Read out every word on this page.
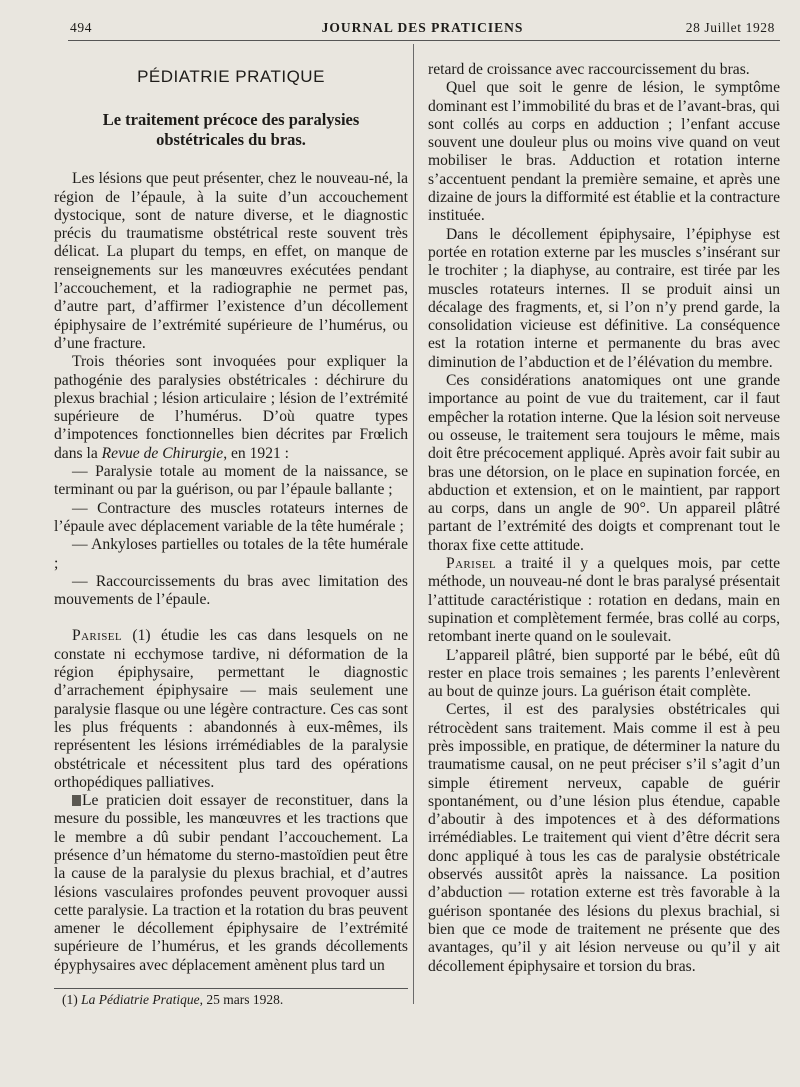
494	JOURNAL DES PRATICIENS	28 Juillet 1928
PÉDIATRIE PRATIQUE
Le traitement précoce des paralysies
obstétricales du bras.

Les lésions que peut présenter, chez le nouveau-né, la région de l’épaule, à la suite d’un accouchement dystocique, sont de nature diverse, et le diagnostic précis du traumatisme obstétrical reste souvent très délicat. La plupart du temps, en effet, on manque de renseignements sur les manœuvres exécutées pendant l’accouchement, et la radiographie ne permet pas, d’autre part, d’affirmer l’existence d’un décollement épiphysaire de l’extrémité supérieure de l’humérus, ou d’une fracture.

Trois théories sont invoquées pour expliquer la pathogénie des paralysies obstétricales : déchirure du plexus brachial ; lésion articulaire ; lésion de l’extrémité supérieure de l’humérus. D’où quatre types d’impotences fonctionnelles bien décrites par Frœlich dans la Revue de Chirurgie, en 1921 :

— Paralysie totale au moment de la naissance, se terminant ou par la guérison, ou par l’épaule ballante ;

— Contracture des muscles rotateurs internes de l’épaule avec déplacement variable de la tête humérale ;

— Ankyloses partielles ou totales de la tête humérale ;

— Raccourcissements du bras avec limitation des mouvements de l’épaule.

Parisel (1) étudie les cas dans lesquels on ne constate ni ecchymose tardive, ni déformation de la région épiphysaire, permettant le diagnostic d’arrachement épiphysaire — mais seulement une paralysie flasque ou une légère contracture. Ces cas sont les plus fréquents : abandonnés à eux-mêmes, ils représentent les lésions irrémédiables de la paralysie obstétricale et nécessitent plus tard des opérations orthopédiques palliatives.

Le praticien doit essayer de reconstituer, dans la mesure du possible, les manœuvres et les tractions que le membre a dû subir pendant l’accouchement. La présence d’un hématome du sterno-mastoïdien peut être la cause de la paralysie du plexus brachial, et d’autres lésions vasculaires profondes peuvent provoquer aussi cette paralysie. La traction et la rotation du bras peuvent amener le décollement épiphysaire de l’extrémité supérieure de l’humérus, et les grands décollements épyphysaires avec déplacement amènent plus tard un

(1) La Pédiatrie Pratique, 25 mars 1928.

retard de croissance avec raccourcissement du bras.

Quel que soit le genre de lésion, le symptôme dominant est l’immobilité du bras et de l’avant-bras, qui sont collés au corps en adduction ; l’enfant accuse souvent une douleur plus ou moins vive quand on veut mobiliser le bras. Adduction et rotation interne s’accentuent pendant la première semaine, et après une dizaine de jours la difformité est établie et la contracture instituée.

Dans le décollement épiphysaire, l’épiphyse est portée en rotation externe par les muscles s’insérant sur le trochiter ; la diaphyse, au contraire, est tirée par les muscles rotateurs internes. Il se produit ainsi un décalage des fragments, et, si l’on n’y prend garde, la consolidation vicieuse est définitive. La conséquence est la rotation interne et permanente du bras avec diminution de l’abduction et de l’élévation du membre.

Ces considérations anatomiques ont une grande importance au point de vue du traitement, car il faut empêcher la rotation interne. Que la lésion soit nerveuse ou osseuse, le traitement sera toujours le même, mais doit être précocement appliqué. Après avoir fait subir au bras une détorsion, on le place en supination forcée, en abduction et extension, et on le maintient, par rapport au corps, dans un angle de 90°. Un appareil plâtré partant de l’extrémité des doigts et comprenant tout le thorax fixe cette attitude.

Parisel a traité il y a quelques mois, par cette méthode, un nouveau-né dont le bras paralysé présentait l’attitude caractéristique : rotation en dedans, main en supination et complètement fermée, bras collé au corps, retombant inerte quand on le soulevait.

L’appareil plâtré, bien supporté par le bébé, eût dû rester en place trois semaines ; les parents l’enlevèrent au bout de quinze jours. La guérison était complète.

Certes, il est des paralysies obstétricales qui rétrocèdent sans traitement. Mais comme il est à peu près impossible, en pratique, de déterminer la nature du traumatisme causal, on ne peut préciser s’il s’agit d’un simple étirement nerveux, capable de guérir spontanément, ou d’une lésion plus étendue, capable d’aboutir à des impotences et à des déformations irrémédiables. Le traitement qui vient d’être décrit sera donc appliqué à tous les cas de paralysie obstétricale observés aussitôt après la naissance. La position d’abduction — rotation externe est très favorable à la guérison spontanée des lésions du plexus brachial, si bien que ce mode de traitement ne présente que des avantages, qu’il y ait lésion nerveuse ou qu’il y ait décollement épiphysaire et torsion du bras.
